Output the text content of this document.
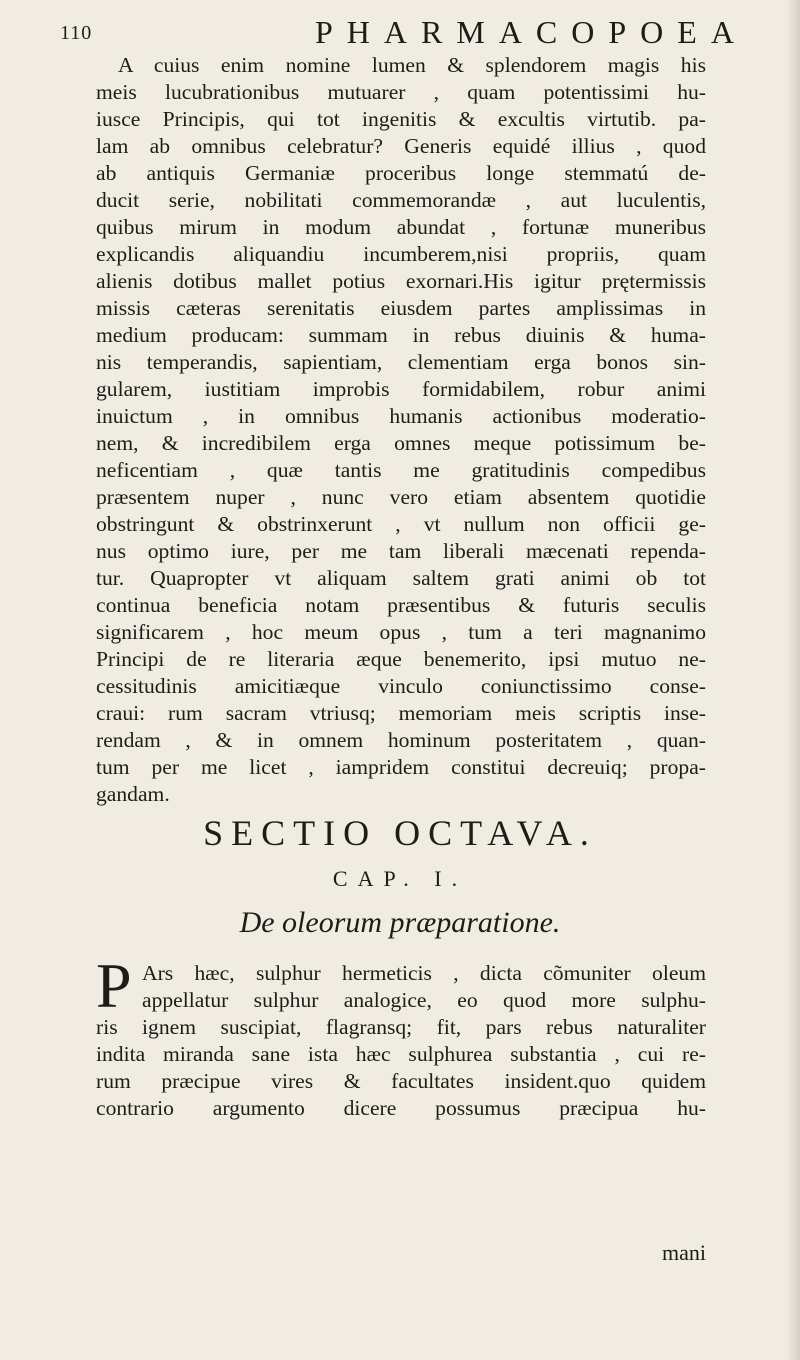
110	PHARMACOPOEA
A cuius enim nomine lumen & splendorem magis his
meis lucubrationibus mutuarer , quam potentissimi hu-
iusce Principis, qui tot ingenitis & excultis virtutib. pa-
lam ab omnibus celebratur? Generis equidé illius , quod
ab antiquis Germaniæ proceribus longe stemmatú de-
ducit serie, nobilitati commemorandæ , aut luculentis,
quibus mirum in modum abundat , fortunæ muneribus
explicandis aliquandiu incumberem,nisi propriis, quam
alienis dotibus mallet potius exornari.His igitur prętermissis
missis cæteras serenitatis eiusdem partes amplissimas in
medium producam: summam in rebus diuinis & huma-
nis temperandis, sapientiam, clementiam erga bonos sin-
gularem, iustitiam improbis formidabilem, robur animi
inuictum , in omnibus humanis actionibus moderatio-
nem, & incredibilem erga omnes meque potissimum be-
neficentiam , quæ tantis me gratitudinis compedibus
præsentem nuper , nunc vero etiam absentem quotidie
obstringunt & obstrinxerunt , vt nullum non officii ge-
nus optimo iure, per me tam liberali mæcenati rependa-
tur. Quapropter vt aliquam saltem grati animi ob tot
continua beneficia notam præsentibus & futuris seculis
significarem , hoc meum opus , tum a teri magnanimo
Principi de re literaria æque benemerito, ipsi mutuo ne-
cessitudinis amicitiæque vinculo coniunctissimo conse-
craui: rum sacram vtriusq; memoriam meis scriptis inse-
rendam , & in omnem hominum posteritatem , quan-
tum per me licet , iampridem constitui decreuiq; propa-
gandam.
SECTIO OCTAVA.
CAP. I.
De oleorum præparatione.
P Ars hæc, sulphur hermeticis , dicta cõmuniter oleum
appellatur sulphur analogice, eo quod more sulphu-
ris ignem suscipiat, flagransq; fit, pars rebus naturaliter
indita miranda sane ista hæc sulphurea substantia , cui re-
rum præcipue vires & facultates insident.quo quidem
contrario argumento dicere possumus præcipua hu-
mani
